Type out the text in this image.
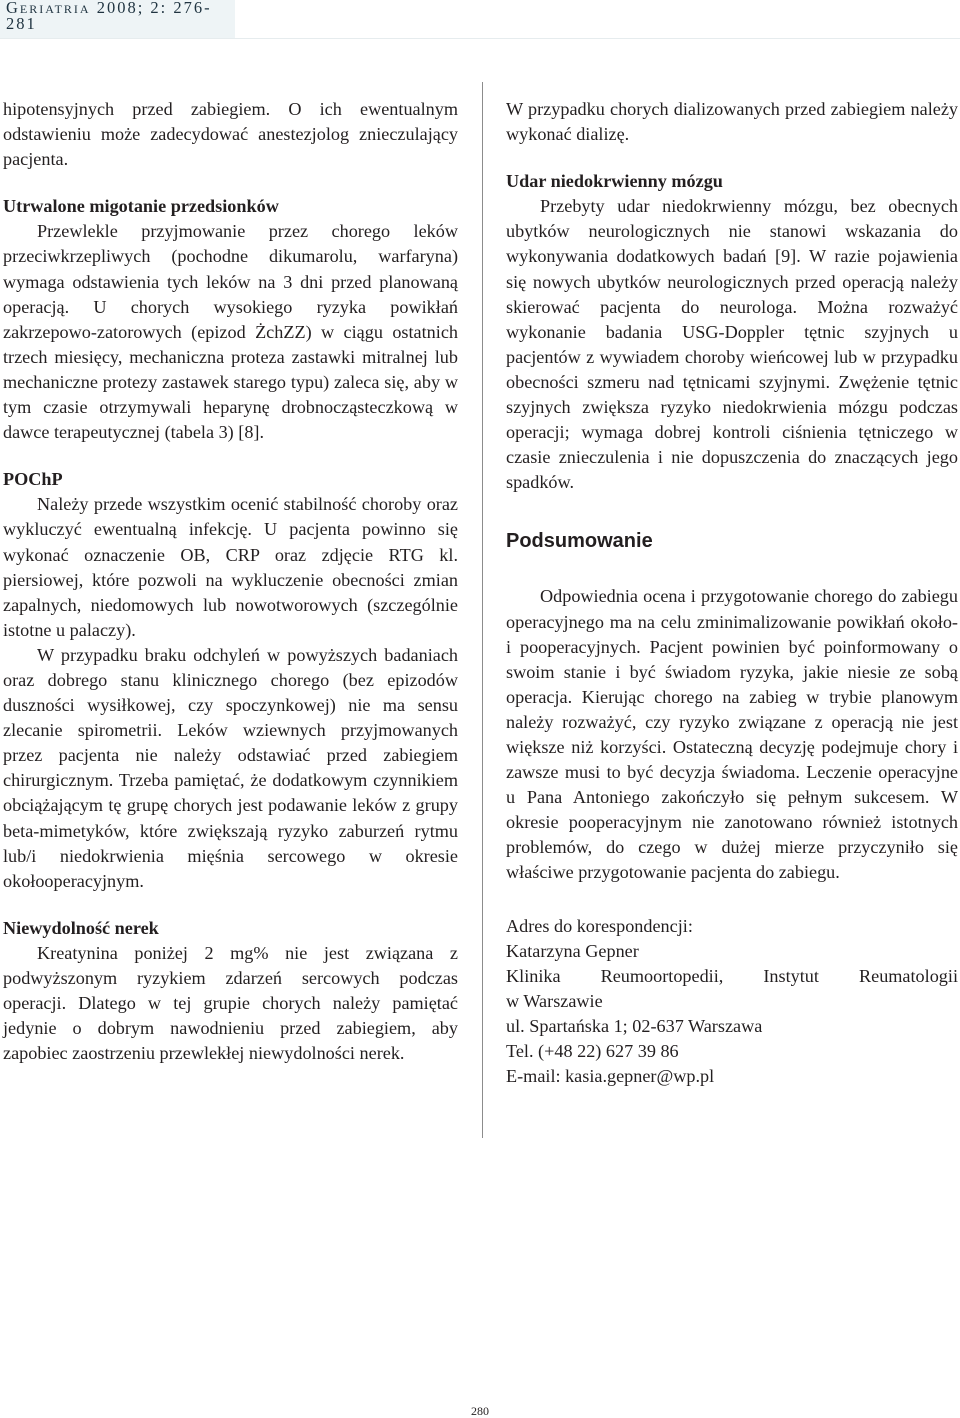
Geriatria 2008; 2: 276-281

hipotensyjnych przed zabiegiem. O ich ewentualnym odstawieniu może zadecydować anestezjolog znieczulający pacjenta.

Utrwalone migotanie przedsionków

Przewlekle przyjmowanie przez chorego leków przeciwkrzepliwych (pochodne dikumarolu, warfaryna) wymaga odstawienia tych leków na 3 dni przed planowaną operacją. U chorych wysokiego ryzyka powikłań zakrzepowo-zatorowych (epizod ŻchZZ) w ciągu ostatnich trzech miesięcy, mechaniczna proteza zastawki mitralnej lub mechaniczne protezy zastawek starego typu) zaleca się, aby w tym czasie otrzymywali heparynę drobnocząsteczkową w dawce terapeutycznej (tabela 3) [8].

POChP

Należy przede wszystkim ocenić stabilność choroby oraz wykluczyć ewentualną infekcję. U pacjenta powinno się wykonać oznaczenie OB, CRP oraz zdjęcie RTG kl. piersiowej, które pozwoli na wykluczenie obecności zmian zapalnych, niedomowych lub nowotworowych (szczególnie istotne u palaczy).

W przypadku braku odchyleń w powyższych badaniach oraz dobrego stanu klinicznego chorego (bez epizodów duszności wysiłkowej, czy spoczynkowej) nie ma sensu zlecanie spirometrii. Leków wziewnych przyjmowanych przez pacjenta nie należy odstawiać przed zabiegiem chirurgicznym. Trzeba pamiętać, że dodatkowym czynnikiem obciążającym tę grupę chorych jest podawanie leków z grupy beta-mimetyków, które zwiększają ryzyko zaburzeń rytmu lub/i niedokrwienia mięśnia sercowego w okresie okołooperacyjnym.

Niewydolność nerek

Kreatynina poniżej 2 mg% nie jest związana z podwyższonym ryzykiem zdarzeń sercowych podczas operacji. Dlatego w tej grupie chorych należy pamiętać jedynie o dobrym nawodnieniu przed zabiegiem, aby zapobiec zaostrzeniu przewlekłej niewydolności nerek.

W przypadku chorych dializowanych przed zabiegiem należy wykonać dializę.

Udar niedokrwienny mózgu

Przebyty udar niedokrwienny mózgu, bez obecnych ubytków neurologicznych nie stanowi wskazania do wykonywania dodatkowych badań [9]. W razie pojawienia się nowych ubytków neurologicznych przed operacją należy skierować pacjenta do neurologa. Można rozważyć wykonanie badania USG-Doppler tętnic szyjnych u pacjentów z wywiadem choroby wieńcowej lub w przypadku obecności szmeru nad tętnicami szyjnymi. Zwężenie tętnic szyjnych zwiększa ryzyko niedokrwienia mózgu podczas operacji; wymaga dobrej kontroli ciśnienia tętniczego w czasie znieczulenia i nie dopuszczenia do znaczących jego spadków.

Podsumowanie

Odpowiednia ocena i przygotowanie chorego do zabiegu operacyjnego ma na celu zminimalizowanie powikłań około- i pooperacyjnych. Pacjent powinien być poinformowany o swoim stanie i być świadom ryzyka, jakie niesie ze sobą operacja. Kierując chorego na zabieg w trybie planowym należy rozważyć, czy ryzyko związane z operacją nie jest większe niż korzyści. Ostateczną decyzję podejmuje chory i zawsze musi to być decyzja świadoma. Leczenie operacyjne u Pana Antoniego zakończyło się pełnym sukcesem. W okresie pooperacyjnym nie zanotowano również istotnych problemów, do czego w dużej mierze przyczyniło się właściwe przygotowanie pacjenta do zabiegu.

Adres do korespondencji:

Katarzyna Gepner

Klinika Reumoortopedii, Instytut Reumatologii

w Warszawie

ul. Spartańska 1; 02-637 Warszawa

Tel. (+48 22) 627 39 86

E-mail: kasia.gepner@wp.pl

280
